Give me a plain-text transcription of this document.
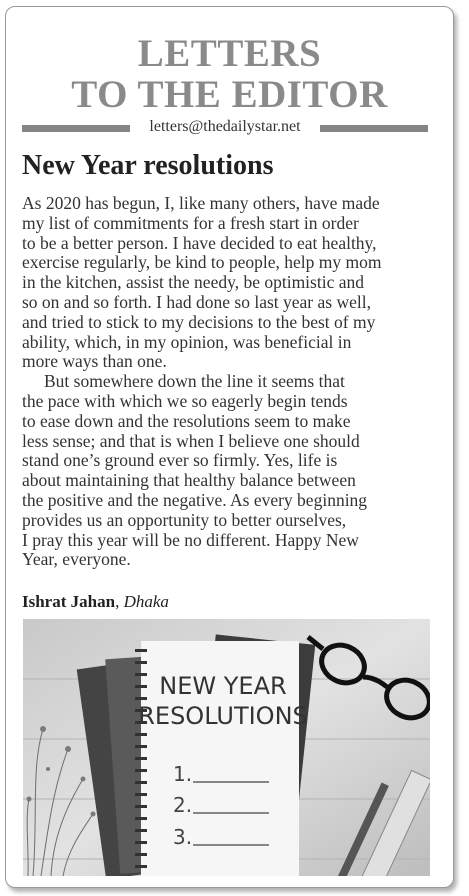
LETTERS
TO THE EDITOR
letters@thedailystar.net
New Year resolutions
As 2020 has begun, I, like many others, have made
my list of commitments for a fresh start in order
to be a better person. I have decided to eat healthy,
exercise regularly, be kind to people, help my mom
in the kitchen, assist the needy, be optimistic and
so on and so forth. I had done so last year as well,
and tried to stick to my decisions to the best of my
ability, which, in my opinion, was beneficial in
more ways than one.
But somewhere down the line it seems that
the pace with which we so eagerly begin tends
to ease down and the resolutions seem to make
less sense; and that is when I believe one should
stand one’s ground ever so firmly. Yes, life is
about maintaining that healthy balance between
the positive and the negative. As every beginning
provides us an opportunity to better ourselves,
I pray this year will be no different. Happy New
Year, everyone.
Ishrat Jahan, Dhaka
NEW YEAR
RESOLUTIONS
1.
2.
3.
